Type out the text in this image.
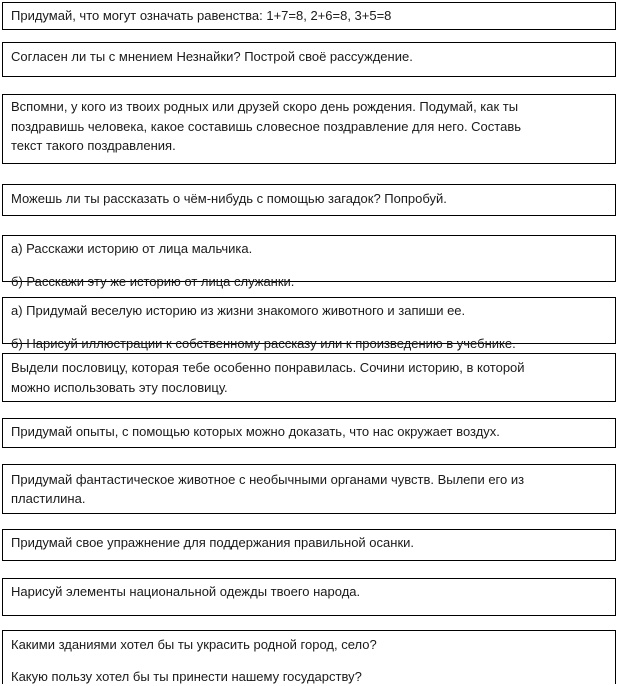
Придумай, что могут означать равенства: 1+7=8, 2+6=8, 3+5=8
Согласен ли ты с мнением Незнайки? Построй своё рассуждение.
Вспомни, у кого из твоих родных или друзей скоро день рождения. Подумай, как ты
поздравишь человека, какое составишь словесное поздравление для него. Составь
текст такого поздравления.
Можешь ли ты рассказать о чём-нибудь с помощью загадок? Попробуй.
а) Расскажи историю от лица мальчика.
б) Расскажи эту же историю от лица служанки.
а) Придумай веселую историю из жизни знакомого животного и запиши ее.
б) Нарисуй иллюстрации к собственному рассказу или к произведению в учебнике.
Выдели пословицу, которая тебе особенно понравилась. Сочини историю, в которой
можно использовать эту пословицу.
Придумай опыты, с помощью которых можно доказать, что нас окружает воздух.
Придумай фантастическое животное с необычными органами чувств. Вылепи его из
пластилина.
Придумай свое упражнение для поддержания правильной осанки.
Нарисуй элементы национальной одежды твоего народа.
Какими зданиями хотел бы ты украсить родной город, село?
Какую пользу хотел бы ты принести нашему государству?
